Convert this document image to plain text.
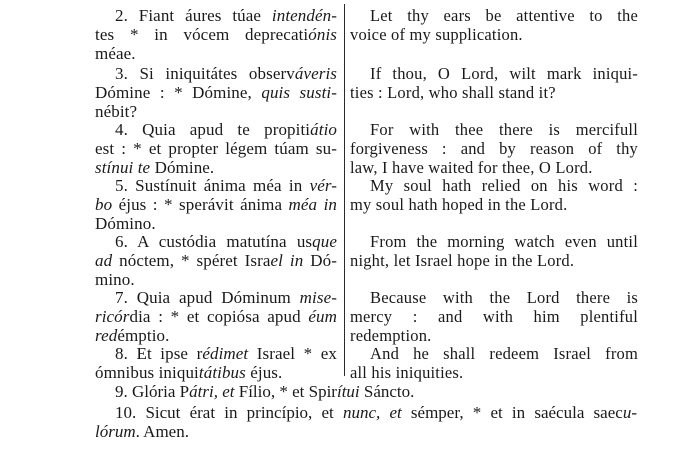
2. Fiant áures túae intendén-
tes * in vócem deprecatiónis
méae.
Let thy ears be attentive to the
voice of my supplication.
3. Si iniquitátes observáveris
Dómine : * Dómine, quis susti-
nébit?
If thou, O Lord, wilt mark iniqui-
ties : Lord, who shall stand it?
4. Quia apud te propitiátio
est : * et propter légem túam su-
stínui te Dómine.
For with thee there is mercifull
forgiveness : and by reason of thy
law, I have waited for thee, O Lord.
5. Sustínuit ánima méa in vér-
bo éjus : * sperávit ánima méa in
Dómino.
My soul hath relied on his word :
my soul hath hoped in the Lord.
6. A custódia matutína usque
ad nóctem, * spéret Israel in Dó-
mino.
From the morning watch even until
night, let Israel hope in the Lord.
7. Quia apud Dóminum mise-
ricórdia : * et copiósa apud éum
redémptio.
Because with the Lord there is
mercy : and with him plentiful
redemption.
8. Et ipse rédimet Israel * ex
ómnibus iniquitátibus éjus.
And he shall redeem Israel from
all his iniquities.
9. Glória Pátri, et Fílio, * et Spirítui Sáncto.
10. Sicut érat in princípio, et nunc, et sémper, * et in saécula saecu-
lórum. Amen.
